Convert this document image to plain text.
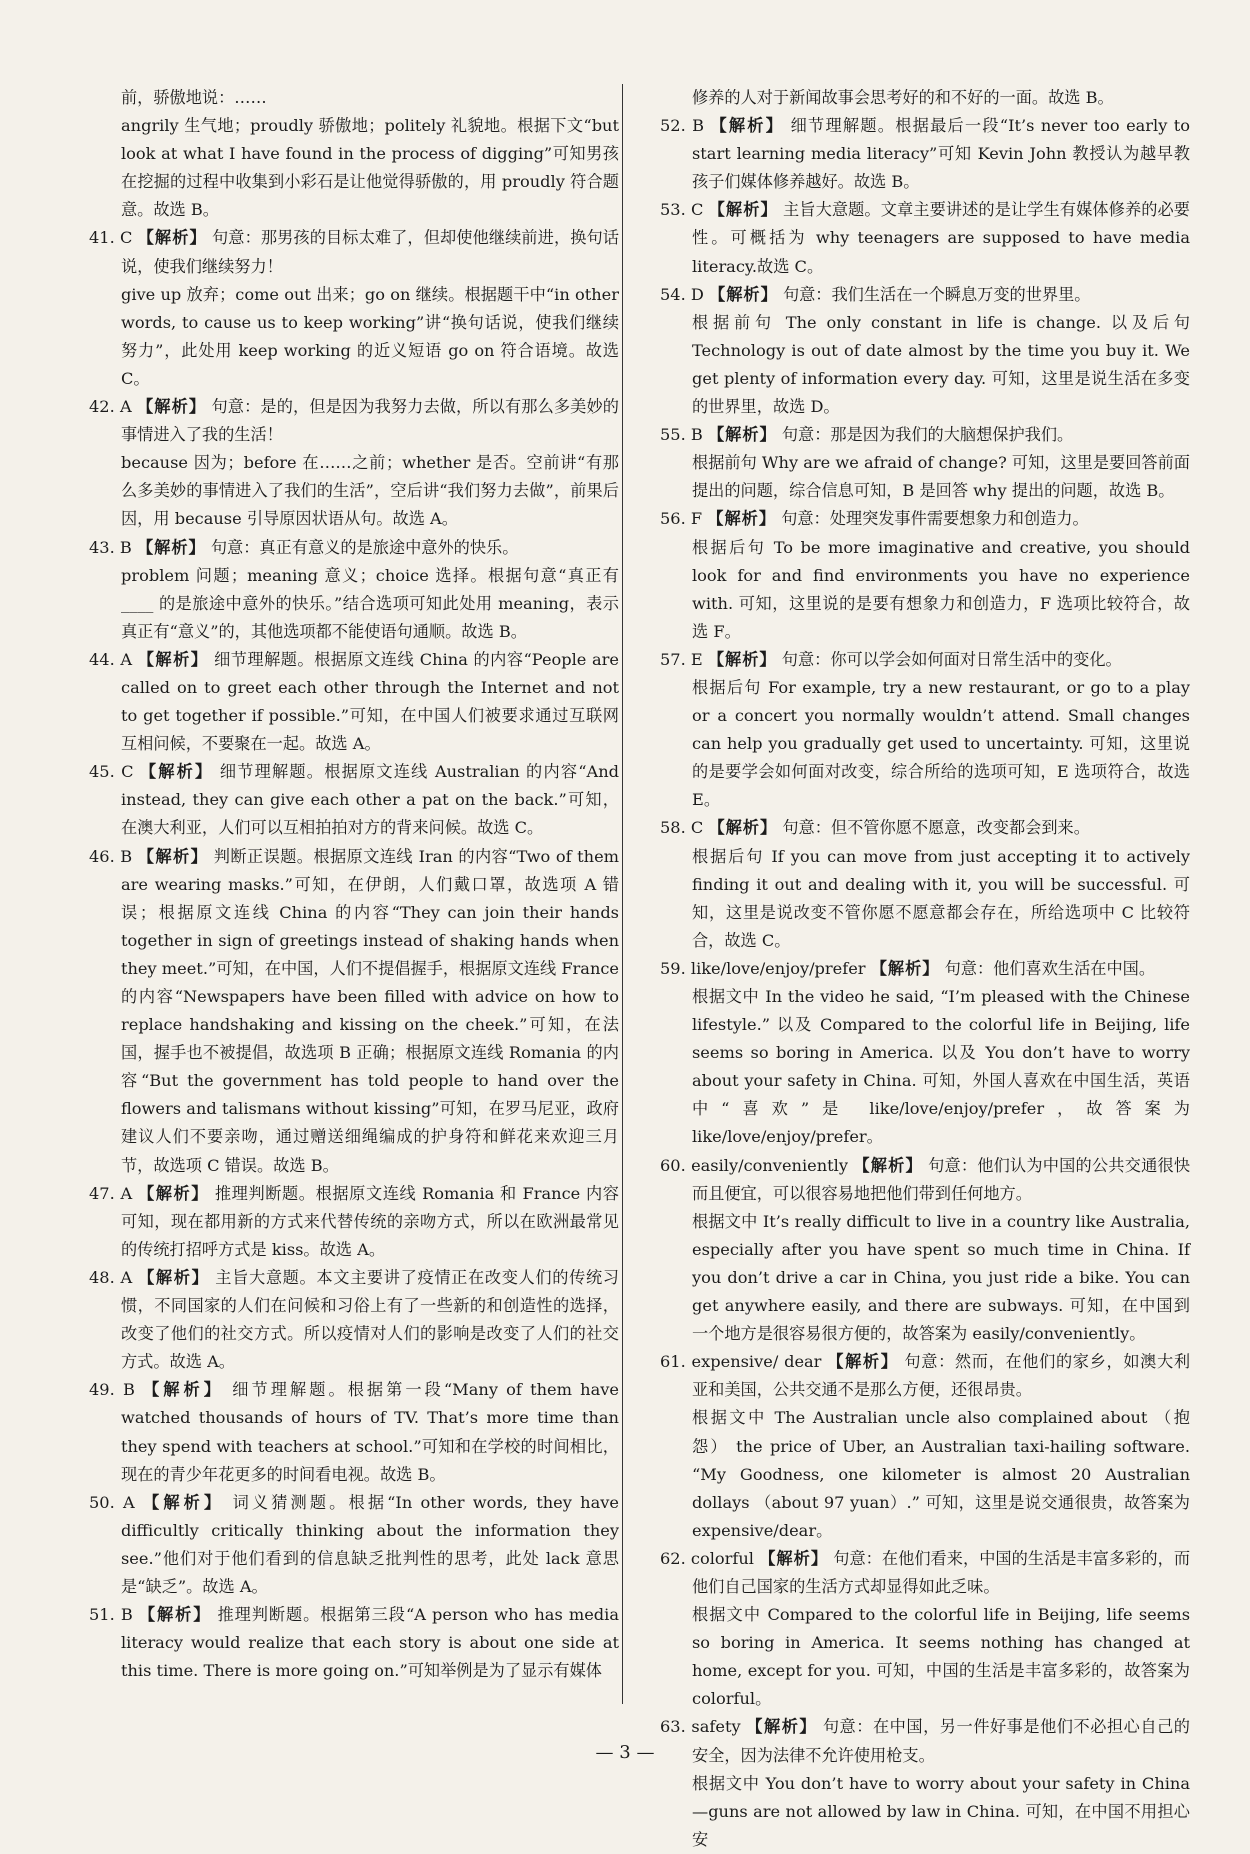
前，骄傲地说：……

angrily 生气地；proudly 骄傲地；politely 礼貌地。根据下文“but look at what I have found in the process of digging”可知男孩在挖掘的过程中收集到小彩石是让他觉得骄傲的，用 proudly 符合题意。故选 B。

41. C 【解析】 句意：那男孩的目标太难了，但却使他继续前进，换句话说，使我们继续努力！

give up 放弃；come out 出来；go on 继续。根据题干中“in other words, to cause us to keep working”讲“换句话说，使我们继续努力”，此处用 keep working 的近义短语 go on 符合语境。故选 C。

42. A 【解析】 句意：是的，但是因为我努力去做，所以有那么多美妙的事情进入了我的生活！

because 因为；before 在……之前；whether 是否。空前讲“有那么多美妙的事情进入了我们的生活”，空后讲“我们努力去做”，前果后因，用 because 引导原因状语从句。故选 A。

43. B 【解析】 句意：真正有意义的是旅途中意外的快乐。

problem 问题；meaning 意义；choice 选择。根据句意“真正有____ 的是旅途中意外的快乐。”结合选项可知此处用 meaning，表示真正有“意义”的，其他选项都不能使语句通顺。故选 B。

44. A 【解析】 细节理解题。根据原文连线 China 的内容“People are called on to greet each other through the Internet and not to get together if possible.”可知，在中国人们被要求通过互联网互相问候，不要聚在一起。故选 A。

45. C 【解析】 细节理解题。根据原文连线 Australian 的内容“And instead, they can give each other a pat on the back.”可知，在澳大利亚，人们可以互相拍拍对方的背来问候。故选 C。

46. B 【解析】 判断正误题。根据原文连线 Iran 的内容“Two of them are wearing masks.”可知，在伊朗，人们戴口罩，故选项 A 错误；根据原文连线 China 的内容“They can join their hands together in sign of greetings instead of shaking hands when they meet.”可知，在中国，人们不提倡握手，根据原文连线 France 的内容“Newspapers have been filled with advice on how to replace handshaking and kissing on the cheek.”可知，在法国，握手也不被提倡，故选项 B 正确；根据原文连线 Romania 的内容“But the government has told people to hand over the flowers and talismans without kissing”可知，在罗马尼亚，政府建议人们不要亲吻，通过赠送细绳编成的护身符和鲜花来欢迎三月节，故选项 C 错误。故选 B。

47. A 【解析】 推理判断题。根据原文连线 Romania 和 France 内容可知，现在都用新的方式来代替传统的亲吻方式，所以在欧洲最常见的传统打招呼方式是 kiss。故选 A。

48. A 【解析】 主旨大意题。本文主要讲了疫情正在改变人们的传统习惯，不同国家的人们在问候和习俗上有了一些新的和创造性的选择，改变了他们的社交方式。所以疫情对人们的影响是改变了人们的社交方式。故选 A。

49. B 【解析】 细节理解题。根据第一段“Many of them have watched thousands of hours of TV. That’s more time than they spend with teachers at school.”可知和在学校的时间相比，现在的青少年花更多的时间看电视。故选 B。

50. A 【解析】 词义猜测题。根据“In other words, they have difficultly critically thinking about the information they see.”他们对于他们看到的信息缺乏批判性的思考，此处 lack 意思是“缺乏”。故选 A。

51. B 【解析】 推理判断题。根据第三段“A person who has media literacy would realize that each story is about one side at this time. There is more going on.”可知举例是为了显示有媒体

修养的人对于新闻故事会思考好的和不好的一面。故选 B。

52. B 【解析】 细节理解题。根据最后一段“It’s never too early to start learning media literacy”可知 Kevin John 教授认为越早教孩子们媒体修养越好。故选 B。

53. C 【解析】 主旨大意题。文章主要讲述的是让学生有媒体修养的必要性。可概括为 why teenagers are supposed to have media literacy.故选 C。

54. D 【解析】 句意：我们生活在一个瞬息万变的世界里。

根据前句 The only constant in life is change. 以及后句 Technology is out of date almost by the time you buy it. We get plenty of information every day. 可知，这里是说生活在多变的世界里，故选 D。

55. B 【解析】 句意：那是因为我们的大脑想保护我们。

根据前句 Why are we afraid of change? 可知，这里是要回答前面提出的问题，综合信息可知，B 是回答 why 提出的问题，故选 B。

56. F 【解析】 句意：处理突发事件需要想象力和创造力。

根据后句 To be more imaginative and creative, you should look for and find environments you have no experience with. 可知，这里说的是要有想象力和创造力，F 选项比较符合，故选 F。

57. E 【解析】 句意：你可以学会如何面对日常生活中的变化。

根据后句 For example, try a new restaurant, or go to a play or a concert you normally wouldn’t attend. Small changes can help you gradually get used to uncertainty. 可知，这里说的是要学会如何面对改变，综合所给的选项可知，E 选项符合，故选 E。

58. C 【解析】 句意：但不管你愿不愿意，改变都会到来。

根据后句 If you can move from just accepting it to actively finding it out and dealing with it, you will be successful. 可知，这里是说改变不管你愿不愿意都会存在，所给选项中 C 比较符合，故选 C。

59. like/love/enjoy/prefer 【解析】 句意：他们喜欢生活在中国。

根据文中 In the video he said, “I’m pleased with the Chinese lifestyle.” 以及 Compared to the colorful life in Beijing, life seems so boring in America. 以及 You don’t have to worry about your safety in China. 可知，外国人喜欢在中国生活，英语中“喜欢”是 like/love/enjoy/prefer，故答案为 like/love/enjoy/prefer。

60. easily/conveniently 【解析】 句意：他们认为中国的公共交通很快而且便宜，可以很容易地把他们带到任何地方。

根据文中 It’s really difficult to live in a country like Australia, especially after you have spent so much time in China. If you don’t drive a car in China, you just ride a bike. You can get anywhere easily, and there are subways. 可知，在中国到一个地方是很容易很方便的，故答案为 easily/conveniently。

61. expensive/ dear 【解析】 句意：然而，在他们的家乡，如澳大利亚和美国，公共交通不是那么方便，还很昂贵。

根据文中 The Australian uncle also complained about （抱怨） the price of Uber, an Australian taxi-hailing software. “My Goodness, one kilometer is almost 20 Australian dollays （about 97 yuan）.” 可知，这里是说交通很贵，故答案为 expensive/dear。

62. colorful 【解析】 句意：在他们看来，中国的生活是丰富多彩的，而他们自己国家的生活方式却显得如此乏味。

根据文中 Compared to the colorful life in Beijing, life seems so boring in America. It seems nothing has changed at home, except for you. 可知，中国的生活是丰富多彩的，故答案为 colorful。

63. safety 【解析】 句意：在中国，另一件好事是他们不必担心自己的安全，因为法律不允许使用枪支。

根据文中 You don’t have to worry about your safety in China—guns are not allowed by law in China. 可知，在中国不用担心安

— 3 —
